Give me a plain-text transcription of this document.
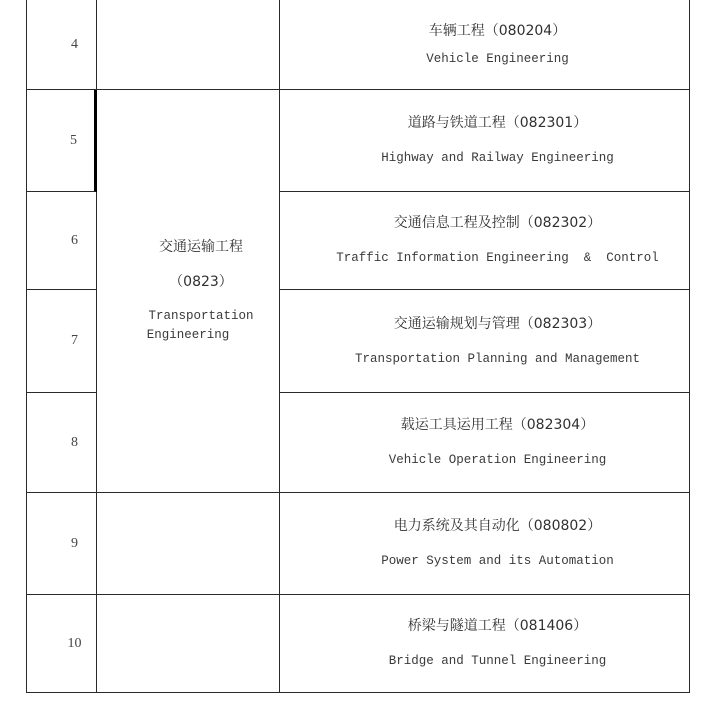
4
5
6
7
8
9
10
交通运输工程
（0823）
Transportation Engineering
车辆工程（080204）
Vehicle Engineering
道路与铁道工程（082301）
Highway and Railway Engineering
交通信息工程及控制（082302）
Traffic Information Engineering  &  Control
交通运输规划与管理（082303）
Transportation Planning and Management
载运工具运用工程（082304）
Vehicle Operation Engineering
电力系统及其自动化（080802）
Power System and its Automation
桥梁与隧道工程（081406）
Bridge and Tunnel Engineering
